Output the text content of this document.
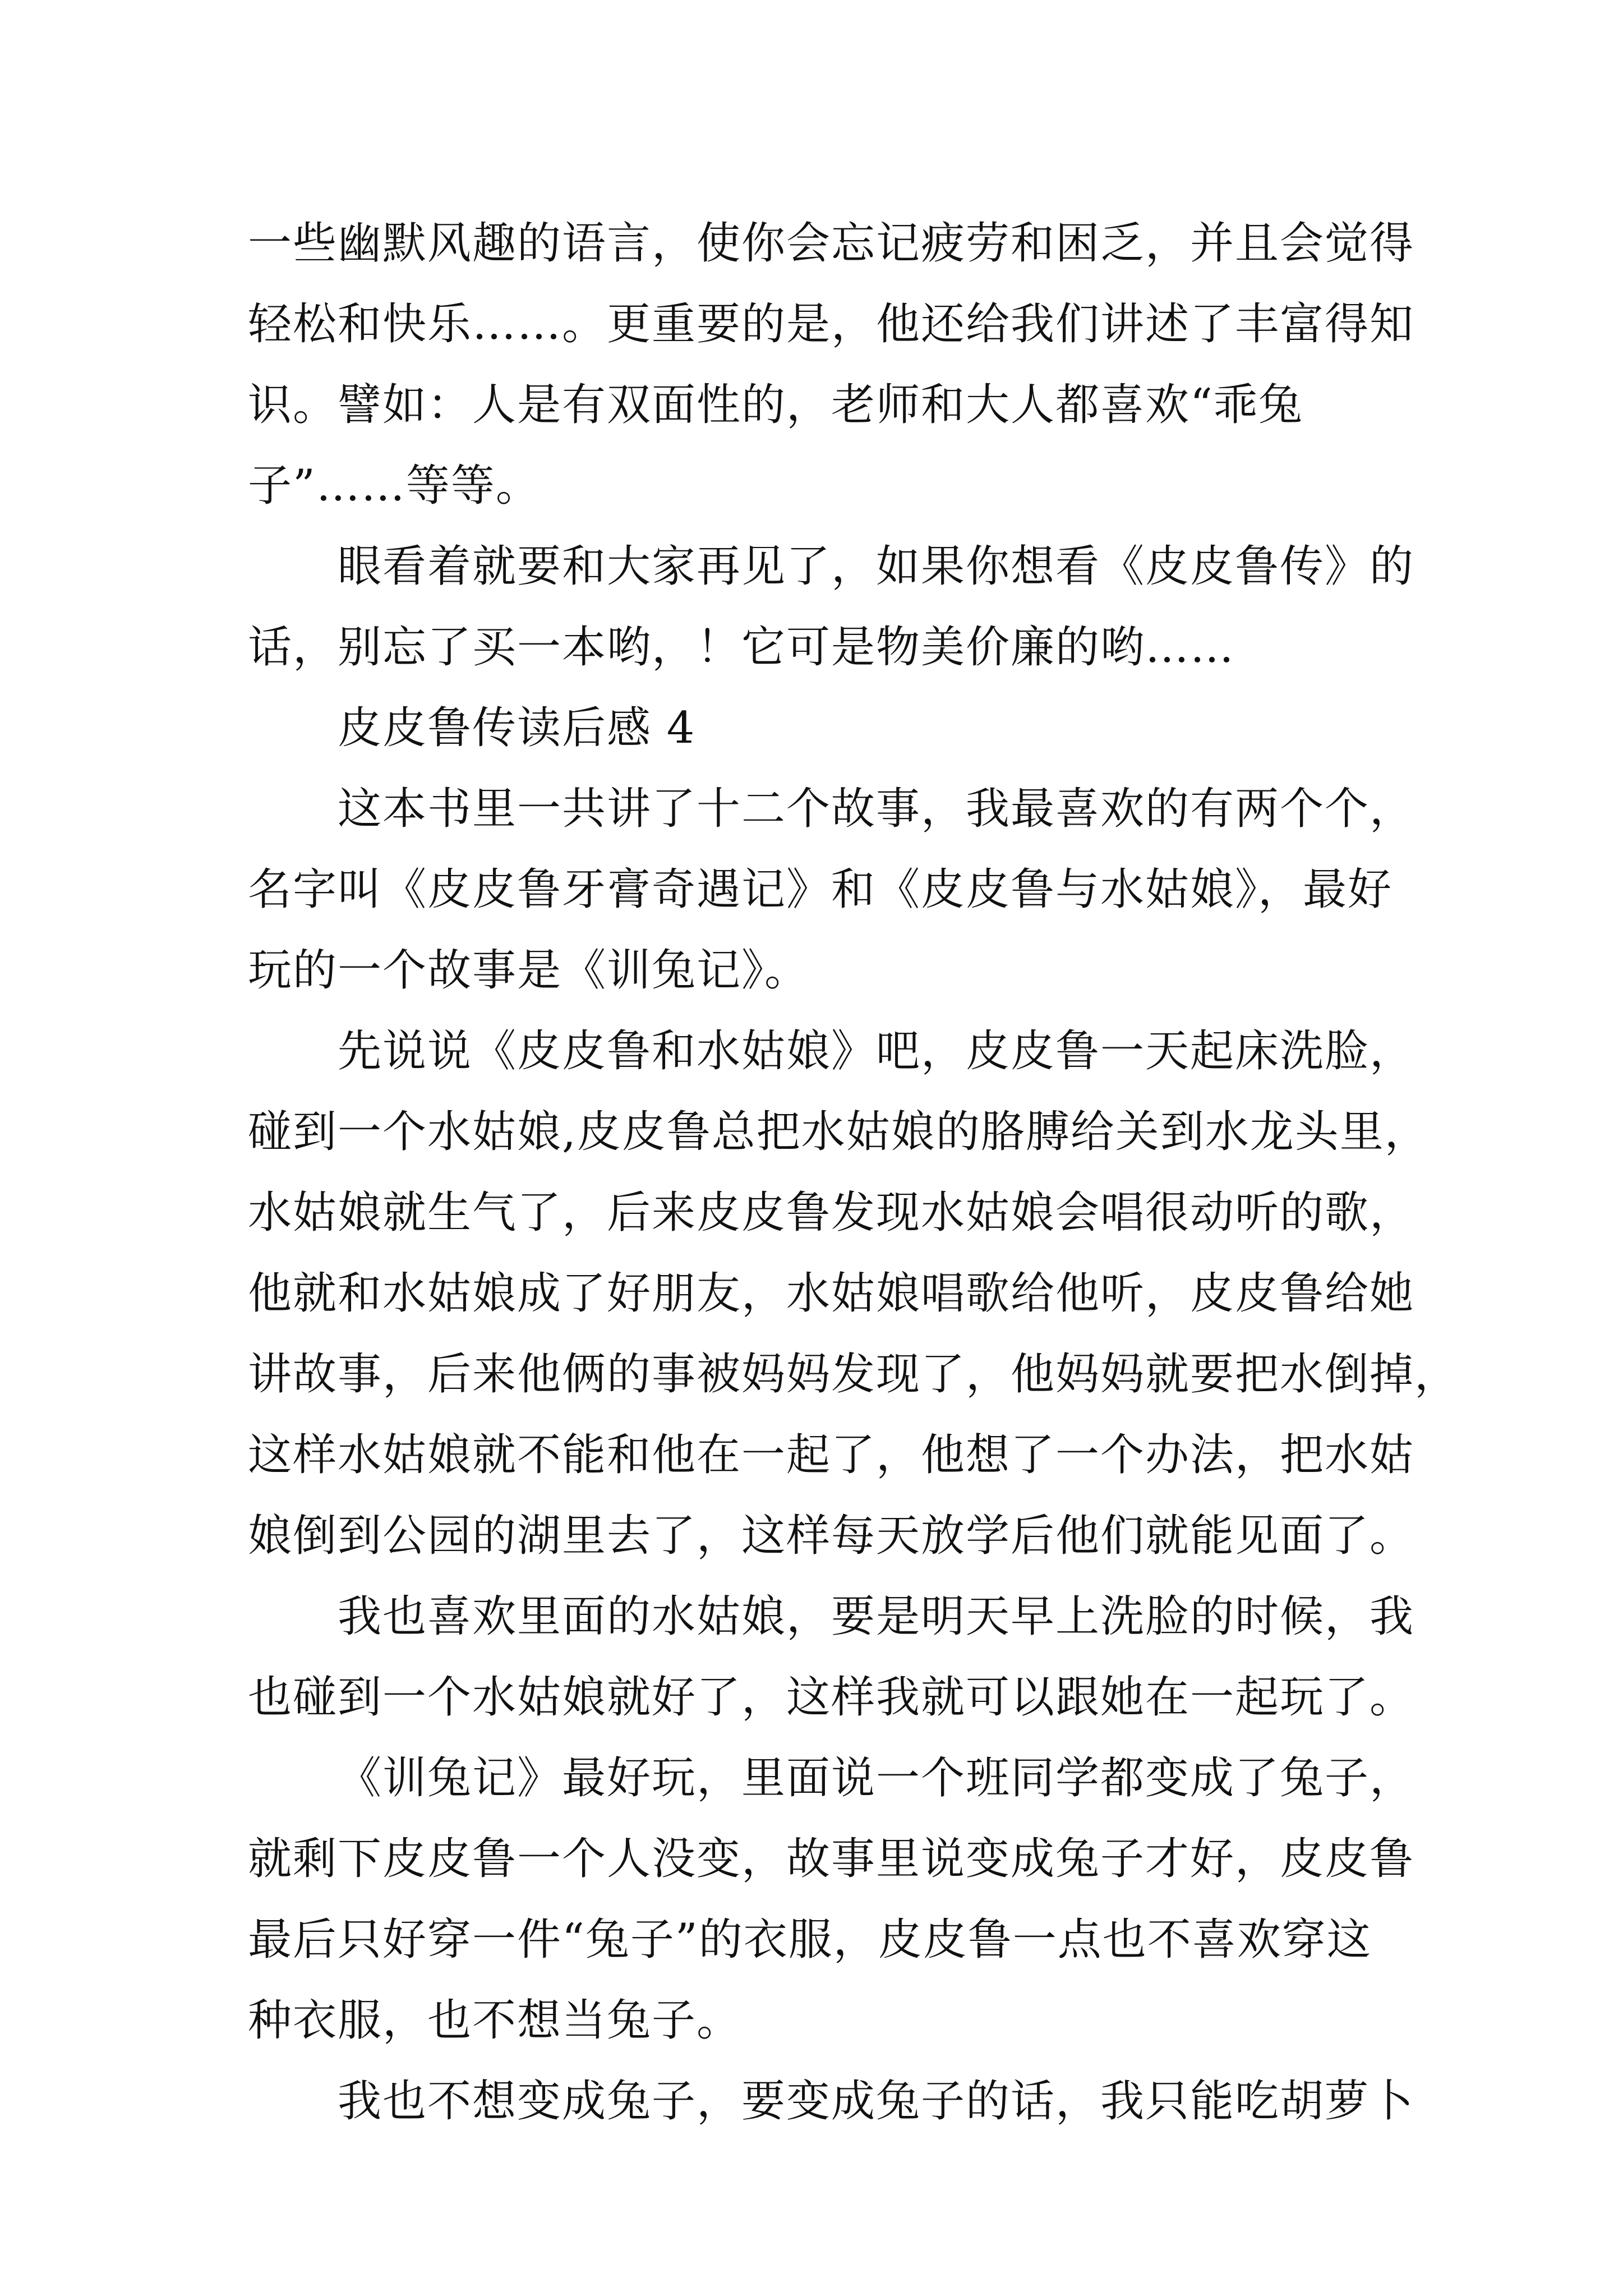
一些幽默风趣的语言，使你会忘记疲劳和困乏，并且会觉得
轻松和快乐……。更重要的是，他还给我们讲述了丰富得知
识。譬如：人是有双面性的，老师和大人都喜欢“乖兔
子”……等等。
眼看着就要和大家再见了，如果你想看《皮皮鲁传》的
话，别忘了买一本哟，！它可是物美价廉的哟……
皮皮鲁传读后感 4
这本书里一共讲了十二个故事，我最喜欢的有两个个，
名字叫《皮皮鲁牙膏奇遇记》和《皮皮鲁与水姑娘》，最好
玩的一个故事是《训兔记》。
先说说《皮皮鲁和水姑娘》吧，皮皮鲁一天起床洗脸，
碰到一个水姑娘,皮皮鲁总把水姑娘的胳膊给关到水龙头里，
水姑娘就生气了，后来皮皮鲁发现水姑娘会唱很动听的歌，
他就和水姑娘成了好朋友，水姑娘唱歌给他听，皮皮鲁给她
讲故事，后来他俩的事被妈妈发现了，他妈妈就要把水倒掉，
这样水姑娘就不能和他在一起了，他想了一个办法，把水姑
娘倒到公园的湖里去了，这样每天放学后他们就能见面了。
我也喜欢里面的水姑娘，要是明天早上洗脸的时候，我
也碰到一个水姑娘就好了，这样我就可以跟她在一起玩了。
《训兔记》最好玩，里面说一个班同学都变成了兔子，
就剩下皮皮鲁一个人没变，故事里说变成兔子才好，皮皮鲁
最后只好穿一件“兔子”的衣服，皮皮鲁一点也不喜欢穿这
种衣服，也不想当兔子。
我也不想变成兔子，要变成兔子的话，我只能吃胡萝卜
